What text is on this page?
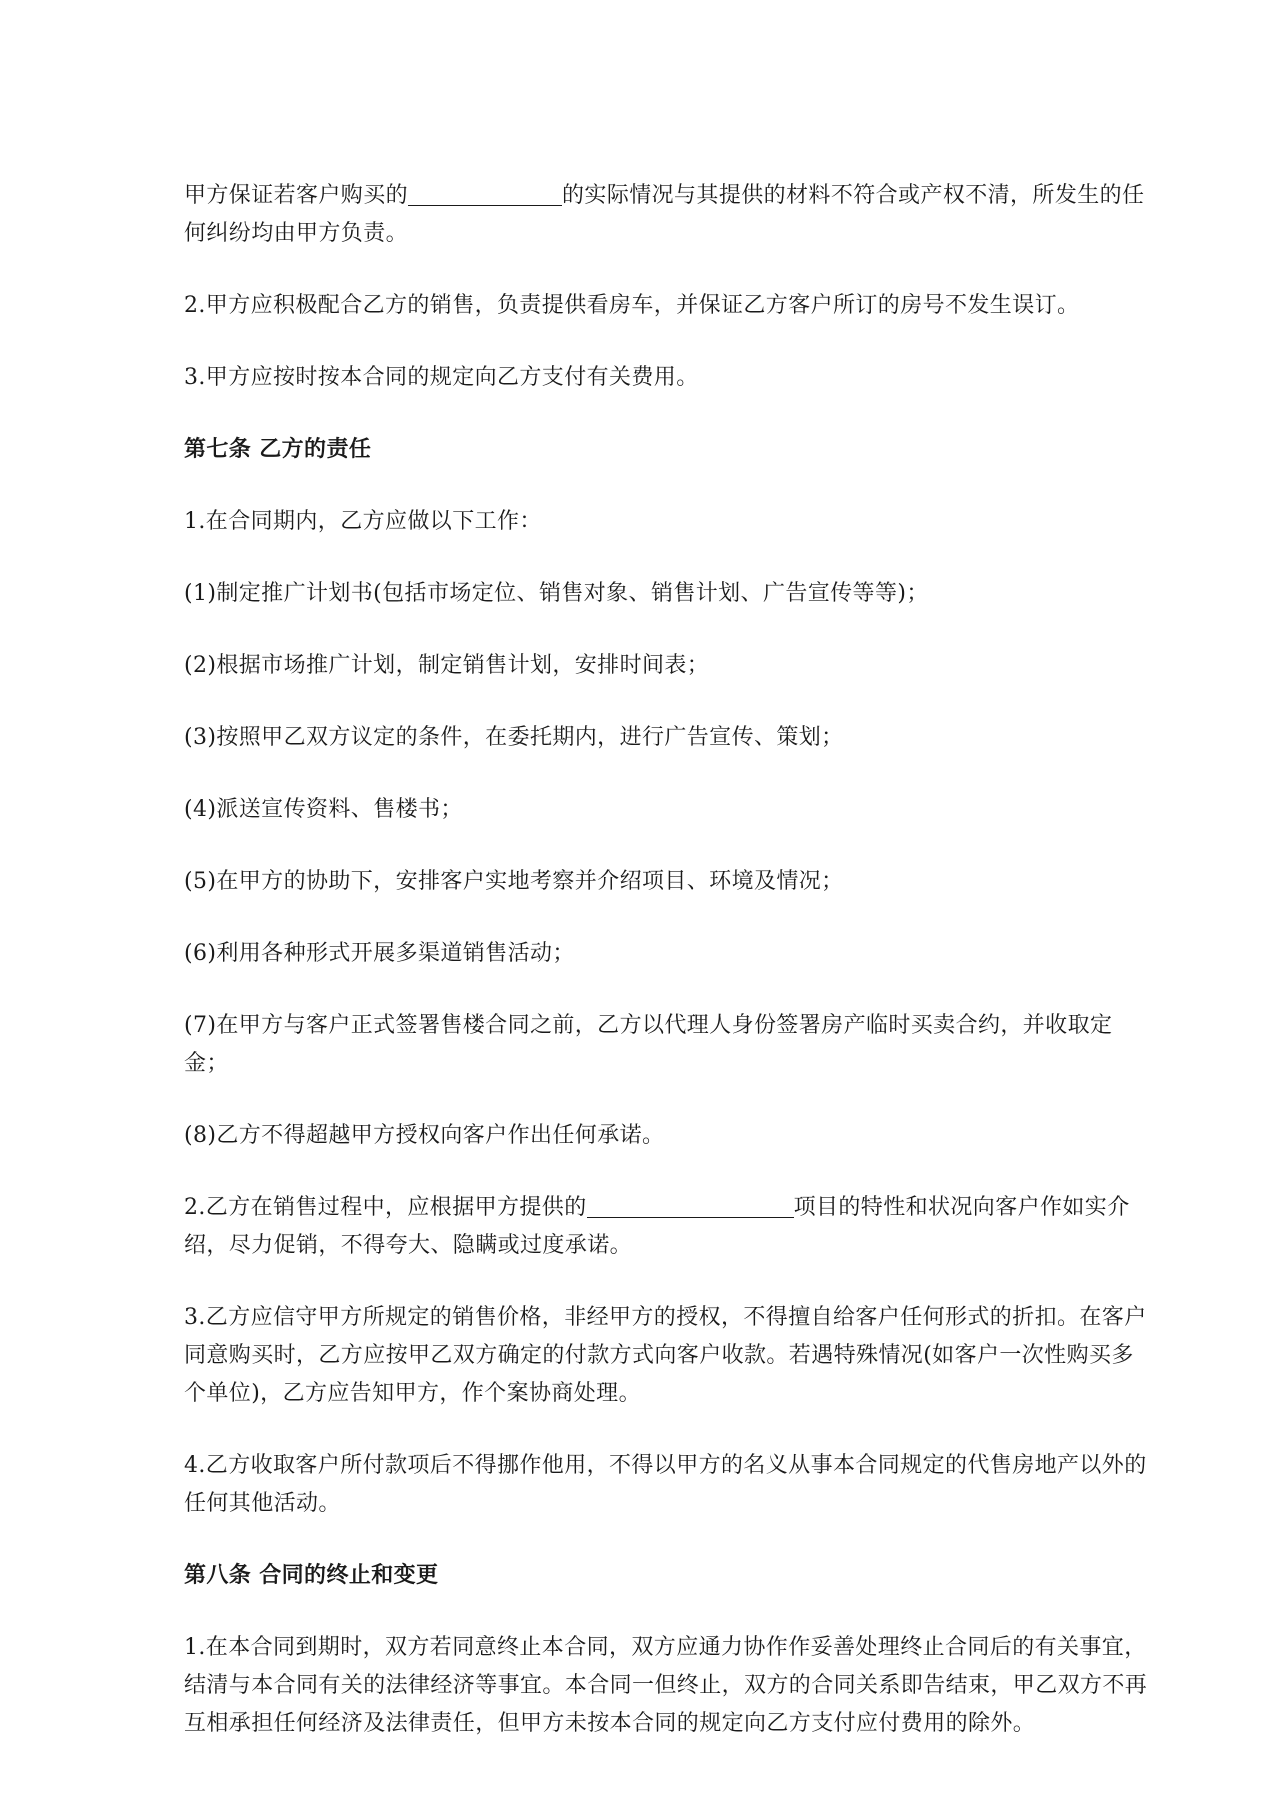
甲方保证若客户购买的	的实际情况与其提供的材料不符合或产权不清，所发生的任何纠纷均由甲方负责。

2.甲方应积极配合乙方的销售，负责提供看房车，并保证乙方客户所订的房号不发生误订。

3.甲方应按时按本合同的规定向乙方支付有关费用。

第七条 乙方的责任

1.在合同期内，乙方应做以下工作：

(1)制定推广计划书(包括市场定位、销售对象、销售计划、广告宣传等等)；

(2)根据市场推广计划，制定销售计划，安排时间表；

(3)按照甲乙双方议定的条件，在委托期内，进行广告宣传、策划；

(4)派送宣传资料、售楼书；

(5)在甲方的协助下，安排客户实地考察并介绍项目、环境及情况；

(6)利用各种形式开展多渠道销售活动；

(7)在甲方与客户正式签署售楼合同之前，乙方以代理人身份签署房产临时买卖合约，并收取定金；

(8)乙方不得超越甲方授权向客户作出任何承诺。

2.乙方在销售过程中，应根据甲方提供的	项目的特性和状况向客户作如实介绍，尽力促销，不得夸大、隐瞒或过度承诺。

3.乙方应信守甲方所规定的销售价格，非经甲方的授权，不得擅自给客户任何形式的折扣。在客户同意购买时，乙方应按甲乙双方确定的付款方式向客户收款。若遇特殊情况(如客户一次性购买多个单位)，乙方应告知甲方，作个案协商处理。

4.乙方收取客户所付款项后不得挪作他用，不得以甲方的名义从事本合同规定的代售房地产以外的任何其他活动。

第八条 合同的终止和变更

1.在本合同到期时，双方若同意终止本合同，双方应通力协作作妥善处理终止合同后的有关事宜，结清与本合同有关的法律经济等事宜。本合同一但终止，双方的合同关系即告结束，甲乙双方不再互相承担任何经济及法律责任，但甲方未按本合同的规定向乙方支付应付费用的除外。
